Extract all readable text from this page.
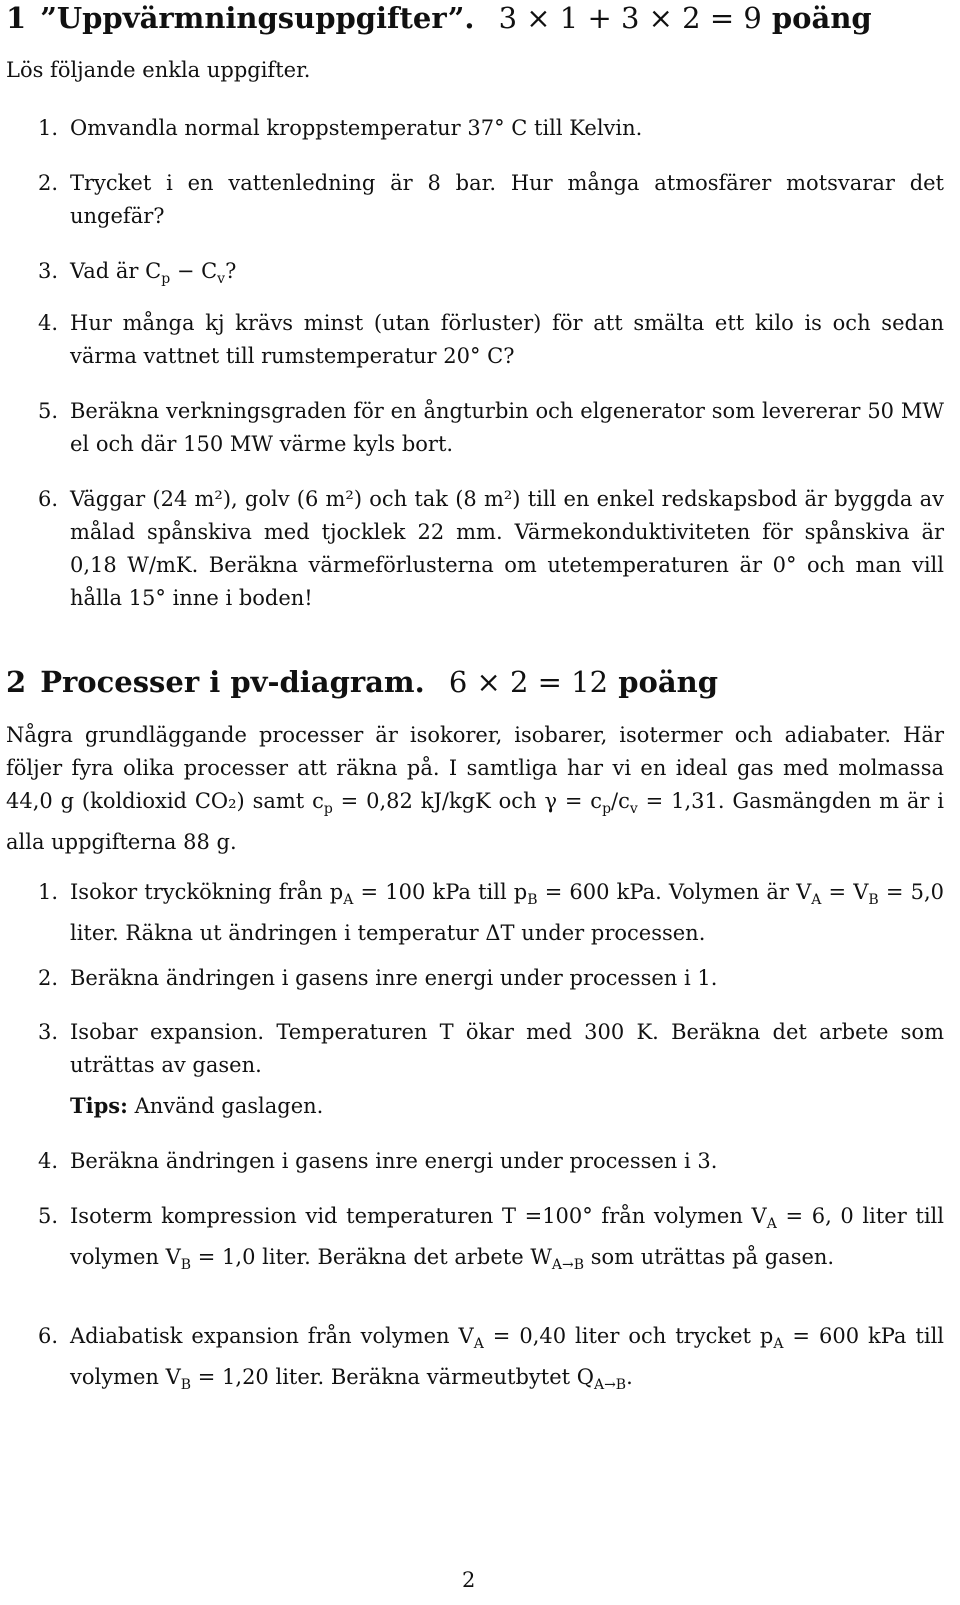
1 ”Uppvärmningsuppgifter”. 3 × 1 + 3 × 2 = 9 poäng
Lös följande enkla uppgifter.
1. Omvandla normal kroppstemperatur 37° C till Kelvin.
2. Trycket i en vattenledning är 8 bar. Hur många atmosfärer motsvarar det ungefär?
3. Vad är $C_p - C_v$?
4. Hur många kj krävs minst (utan förluster) för att smälta ett kilo is och sedan värma vattnet till rumstemperatur 20° C?
5. Beräkna verkningsgraden för en ångturbin och elgenerator som levererar 50 MW el och där 150 MW värme kyls bort.
6. Väggar (24 m²), golv (6 m²) och tak (8 m²) till en enkel redskapsbod är byggda av målad spånskiva med tjocklek 22 mm. Värmekonduktiviteten för spånskiva är 0,18 W/mK. Beräkna värmeförlusterna om utetemperaturen är 0° och man vill hålla 15° inne i boden!
2 Processer i pv-diagram. 6 × 2 = 12 poäng
Några grundläggande processer är isokorer, isobarer, isotermer och adiabater. Här följer fyra olika processer att räkna på. I samtliga har vi en ideal gas med molmassa 44,0 g (koldioxid CO₂) samt $c_p = 0,82$ kJ/kgK och $\gamma = c_p/c_v = 1,31$. Gasmängden m är i alla uppgifterna 88 g.
1. Isokor tryckökning från $p_A = 100$ kPa till $p_B = 600$ kPa. Volymen är $V_A = V_B = 5,0$ liter. Räkna ut ändringen i temperatur ΔT under processen.
2. Beräkna ändringen i gasens inre energi under processen i 1.
3. Isobar expansion. Temperaturen T ökar med 300 K. Beräkna det arbete som uträttas av gasen.
Tips: Använd gaslagen.
4. Beräkna ändringen i gasens inre energi under processen i 3.
5. Isoterm kompression vid temperaturen T =100° från volymen $V_A = 6$, 0 liter till volymen $V_B = 1,0$ liter. Beräkna det arbete $W_{A\to B}$ som uträttas på gasen.
6. Adiabatisk expansion från volymen $V_A = 0,40$ liter och trycket $p_A = 600$ kPa till volymen $V_B = 1,20$ liter. Beräkna värmeutbytet $Q_{A\to B}$.
2
